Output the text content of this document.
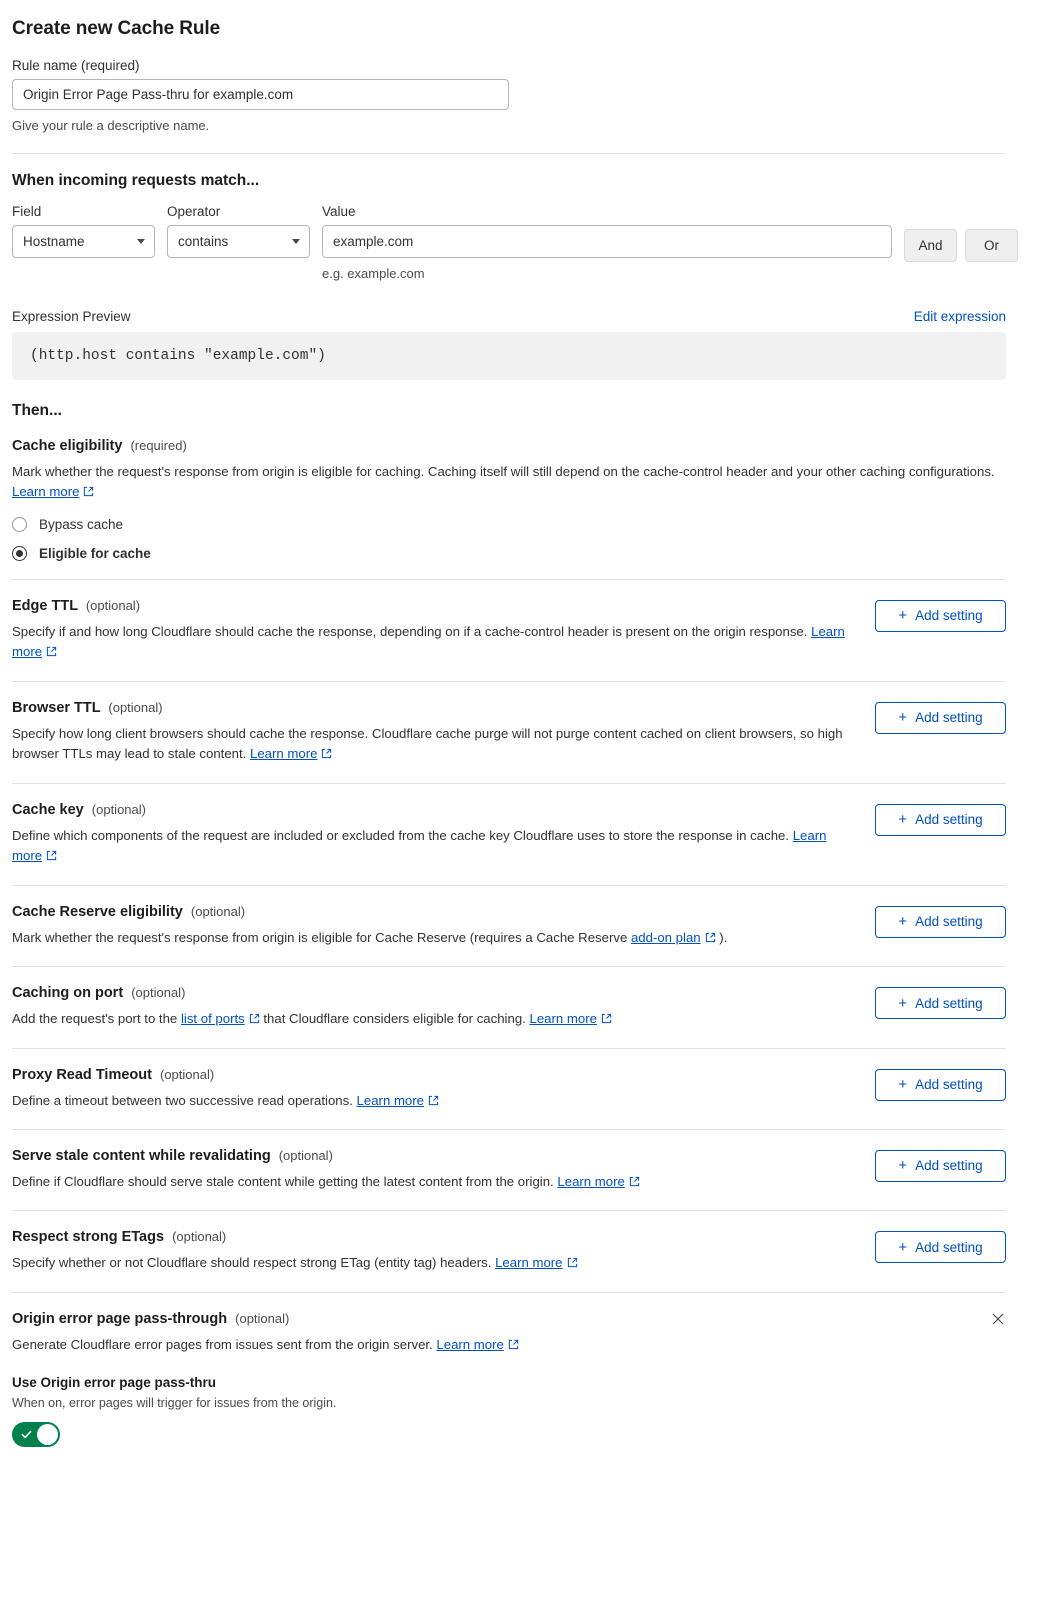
Create new Cache Rule
Rule name (required)
Origin Error Page Pass-thru for example.com
Give your rule a descriptive name.
When incoming requests match...
Field
Hostname
Operator
contains
Value
example.com
e.g. example.com
And	Or
Expression Preview	Edit expression
(http.host contains "example.com")
Then...
Cache eligibility (required)
Mark whether the request's response from origin is eligible for caching. Caching itself will still depend on the cache-control header and your other caching configurations. Learn more
Bypass cache
Eligible for cache
Edge TTL (optional)
Specify if and how long Cloudflare should cache the response, depending on if a cache-control header is present on the origin response. Learn more
+ Add setting
Browser TTL (optional)
Specify how long client browsers should cache the response. Cloudflare cache purge will not purge content cached on client browsers, so high browser TTLs may lead to stale content. Learn more
+ Add setting
Cache key (optional)
Define which components of the request are included or excluded from the cache key Cloudflare uses to store the response in cache. Learn more
+ Add setting
Cache Reserve eligibility (optional)
Mark whether the request's response from origin is eligible for Cache Reserve (requires a Cache Reserve add-on plan ).
+ Add setting
Caching on port (optional)
Add the request's port to the list of ports that Cloudflare considers eligible for caching. Learn more
+ Add setting
Proxy Read Timeout (optional)
Define a timeout between two successive read operations. Learn more
+ Add setting
Serve stale content while revalidating (optional)
Define if Cloudflare should serve stale content while getting the latest content from the origin. Learn more
+ Add setting
Respect strong ETags (optional)
Specify whether or not Cloudflare should respect strong ETag (entity tag) headers. Learn more
+ Add setting
Origin error page pass-through (optional)
Generate Cloudflare error pages from issues sent from the origin server. Learn more
Use Origin error page pass-thru
When on, error pages will trigger for issues from the origin.
